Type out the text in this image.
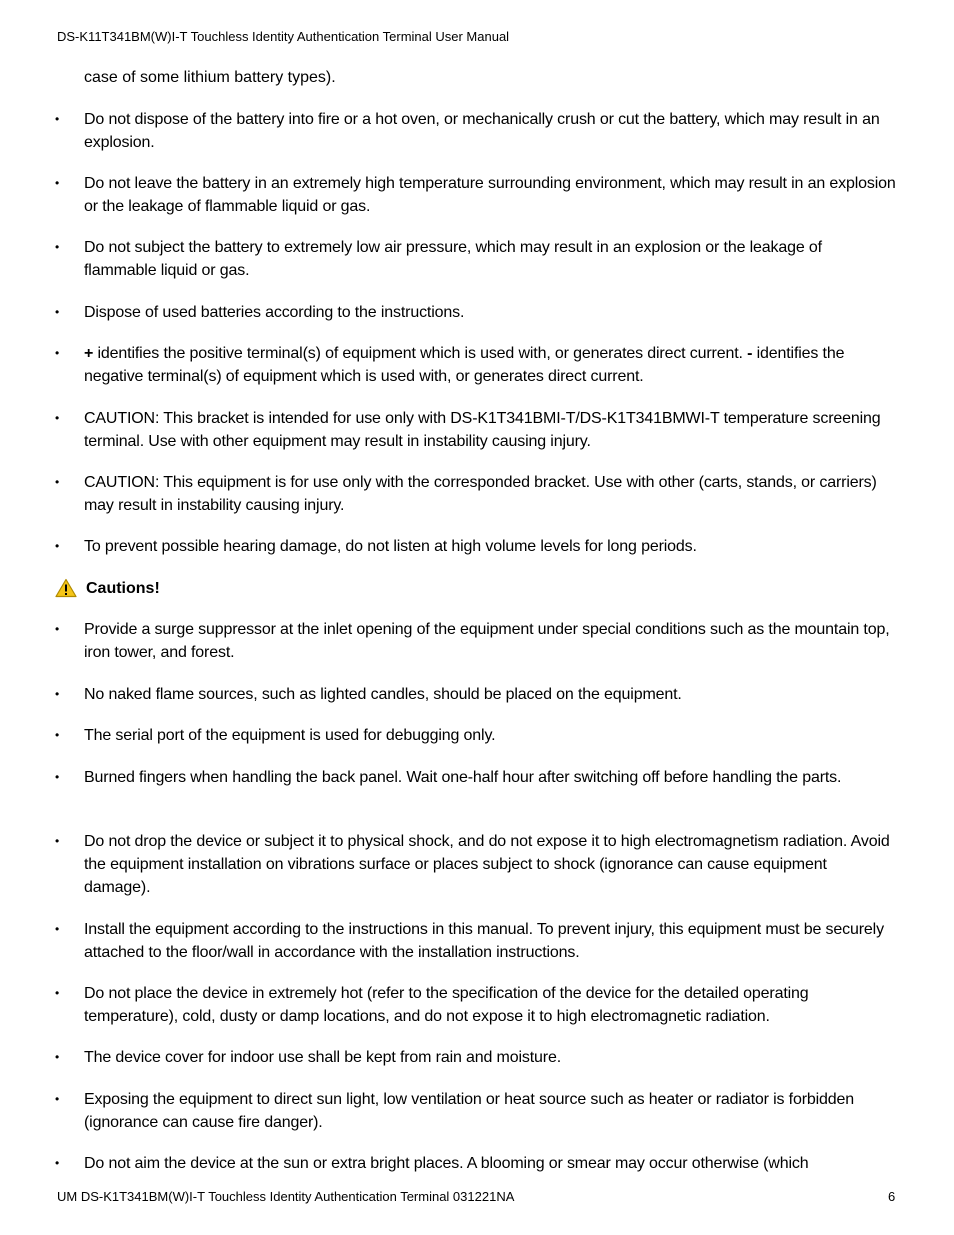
DS-K11T341BM(W)I-T Touchless Identity Authentication Terminal User Manual
case of some lithium battery types).
•	Do not dispose of the battery into fire or a hot oven, or mechanically crush or cut the battery, which may result in an explosion.
•	Do not leave the battery in an extremely high temperature surrounding environment, which may result in an explosion or the leakage of flammable liquid or gas.
•	Do not subject the battery to extremely low air pressure, which may result in an explosion or the leakage of flammable liquid or gas.
•	Dispose of used batteries according to the instructions.
•	+ identifies the positive terminal(s) of equipment which is used with, or generates direct current. - identifies the negative terminal(s) of equipment which is used with, or generates direct current.
•	CAUTION: This bracket is intended for use only with DS-K1T341BMI-T/DS-K1T341BMWI-T temperature screening terminal. Use with other equipment may result in instability causing injury.
•	CAUTION: This equipment is for use only with the corresponded bracket. Use with other (carts, stands, or carriers) may result in instability causing injury.
•	To prevent possible hearing damage, do not listen at high volume levels for long periods.
Cautions!
•	Provide a surge suppressor at the inlet opening of the equipment under special conditions such as the mountain top, iron tower, and forest.
•	No naked flame sources, such as lighted candles, should be placed on the equipment.
•	The serial port of the equipment is used for debugging only.
•	Burned fingers when handling the back panel. Wait one-half hour after switching off before handling the parts.
•	Do not drop the device or subject it to physical shock, and do not expose it to high electromagnetism radiation. Avoid the equipment installation on vibrations surface or places subject to shock (ignorance can cause equipment damage).
•	Install the equipment according to the instructions in this manual. To prevent injury, this equipment must be securely attached to the floor/wall in accordance with the installation instructions.
•	Do not place the device in extremely hot (refer to the specification of the device for the detailed operating temperature), cold, dusty or damp locations, and do not expose it to high electromagnetic radiation.
•	The device cover for indoor use shall be kept from rain and moisture.
•	Exposing the equipment to direct sun light, low ventilation or heat source such as heater or radiator is forbidden (ignorance can cause fire danger).
•	Do not aim the device at the sun or extra bright places. A blooming or smear may occur otherwise (which
UM DS-K1T341BM(W)I-T Touchless Identity Authentication Terminal 031221NA	6
